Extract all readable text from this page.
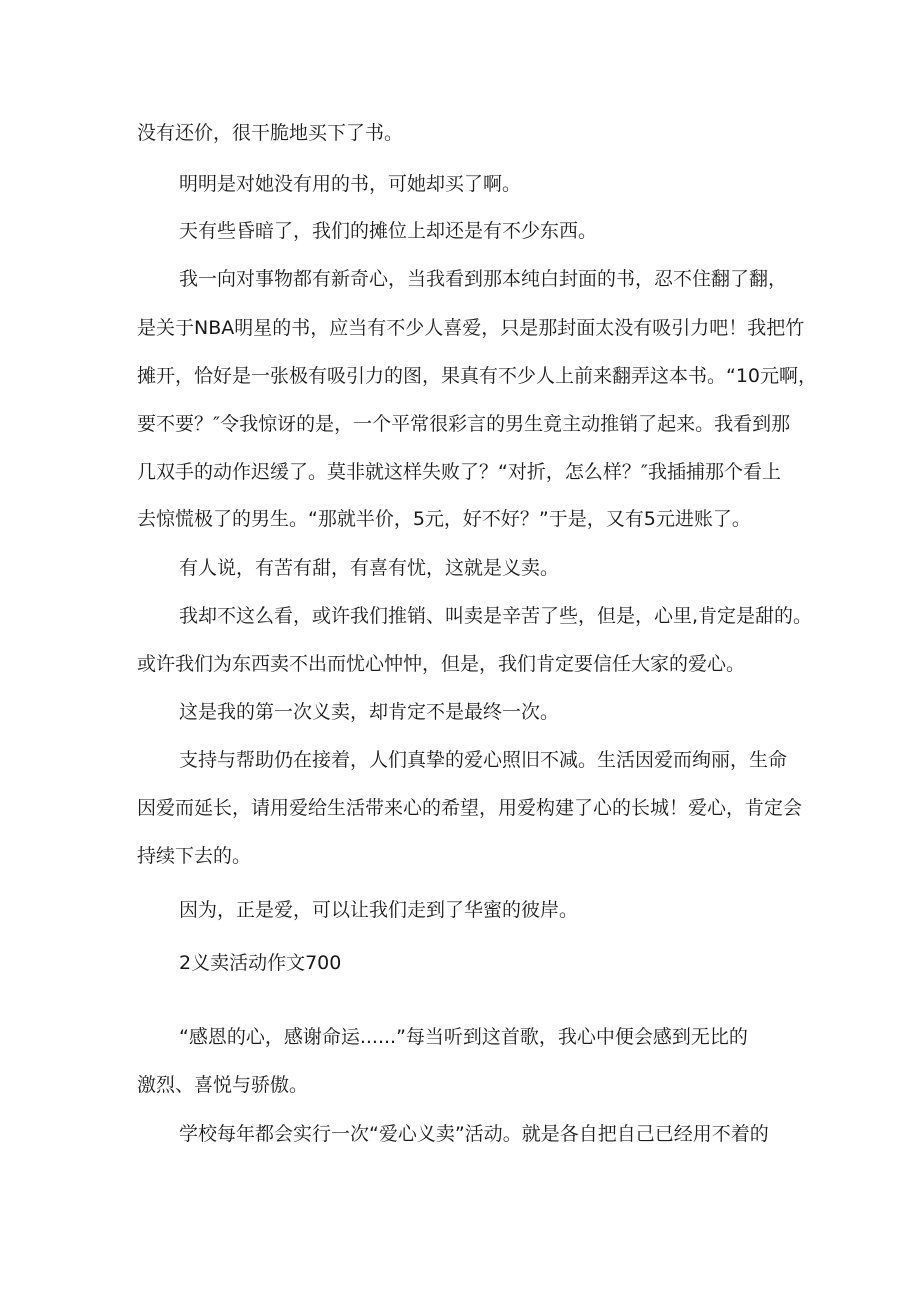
没有还价，很干脆地买下了书。
明明是对她没有用的书，可她却买了啊。
天有些昏暗了，我们的摊位上却还是有不少东西。
我一向对事物都有新奇心，当我看到那本纯白封面的书，忍不住翻了翻，
是关于NBA明星的书，应当有不少人喜爱，只是那封面太没有吸引力吧！我把竹
摊开，恰好是一张极有吸引力的图，果真有不少人上前来翻弄这本书。“10元啊，
要不要？″令我惊讶的是，一个平常很彩言的男生竟主动推销了起来。我看到那
几双手的动作迟缓了。莫非就这样失败了？“对折，怎么样？″我插捕那个看上
去惊慌极了的男生。“那就半价，5元，好不好？”于是，又有5元进账了。
有人说，有苦有甜，有喜有忧，这就是义卖。
我却不这么看，或许我们推销、叫卖是辛苦了些，但是，心里,肯定是甜的。
或许我们为东西卖不出而忧心忡忡，但是，我们肯定要信任大家的爱心。
这是我的第一次义卖，却肯定不是最终一次。
支持与帮助仍在接着，人们真挚的爱心照旧不减。生活因爱而绚丽，生命
因爱而延长，请用爱给生活带来心的希望，用爱构建了心的长城！爱心，肯定会
持续下去的。
因为，正是爱，可以让我们走到了华蜜的彼岸。
2义卖活动作文700
“感恩的心，感谢命运......”每当听到这首歌，我心中便会感到无比的
激烈、喜悦与骄傲。
学校每年都会实行一次“爱心义卖”活动。就是各自把自己已经用不着的
